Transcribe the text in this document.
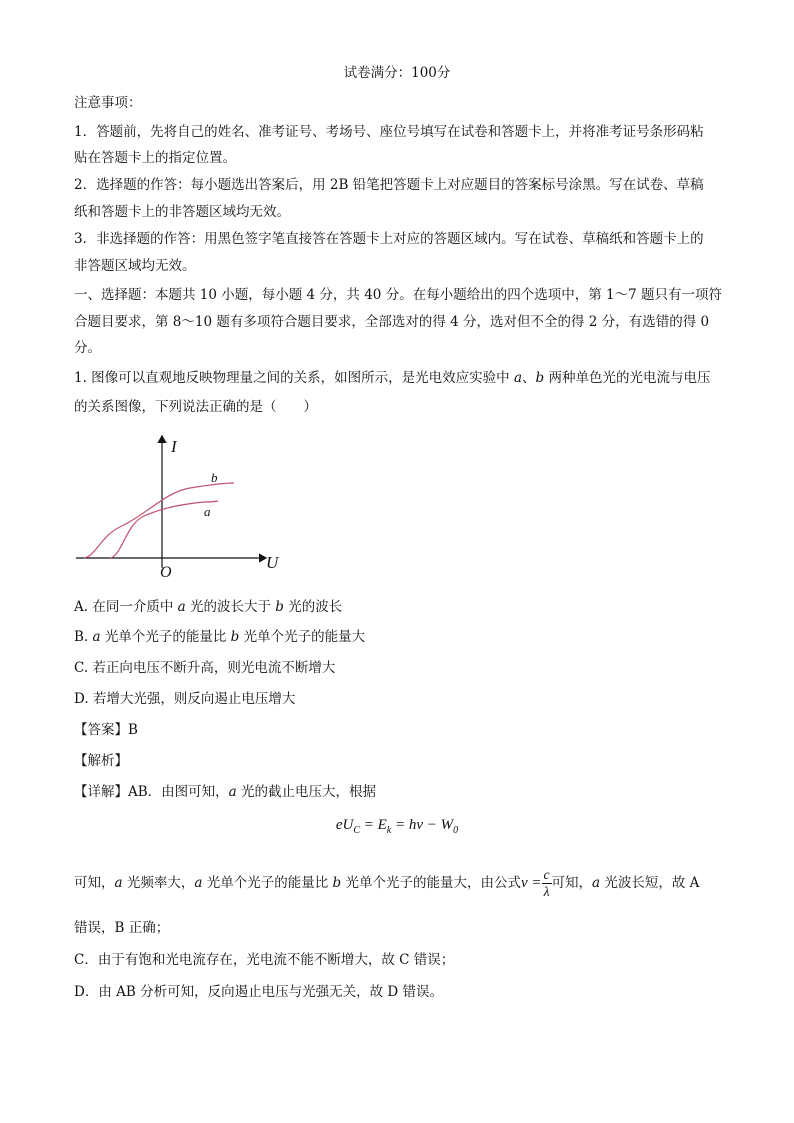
试卷满分：100分
注意事项：
1．答题前，先将自己的姓名、准考证号、考场号、座位号填写在试卷和答题卡上，并将准考证号条形码粘
贴在答题卡上的指定位置。
2．选择题的作答：每小题选出答案后，用 2B 铅笔把答题卡上对应题目的答案标号涂黑。写在试卷、草稿
纸和答题卡上的非答题区域均无效。
3．非选择题的作答：用黑色签字笔直接答在答题卡上对应的答题区域内。写在试卷、草稿纸和答题卡上的
非答题区域均无效。
一、选择题：本题共 10 小题，每小题 4 分，共 40 分。在每小题给出的四个选项中，第 1～7 题只有一项符
合题目要求，第 8～10 题有多项符合题目要求，全部选对的得 4 分，选对但不全的得 2 分，有选错的得 0
分。
1. 图像可以直观地反映物理量之间的关系，如图所示，是光电效应实验中 a、b 两种单色光的光电流与电压
的关系图像，下列说法正确的是（　　）
I
U
O
b
a
A. 在同一介质中 a 光的波长大于 b 光的波长
B. a 光单个光子的能量比 b 光单个光子的能量大
C. 若正向电压不断升高，则光电流不断增大
D. 若增大光强，则反向遏止电压增大
【答案】B
【解析】
【详解】AB．由图可知，a 光的截止电压大，根据
$eU_C = E_k = h\nu - W_0$
可知，a 光频率大，a 光单个光子的能量比 b 光单个光子的能量大，由公式$\nu = \frac{c}{\lambda}$ 可知，a 光波长短，故 A
错误，B 正确；
C．由于有饱和光电流存在，光电流不能不断增大，故 C 错误；
D．由 AB 分析可知，反向遏止电压与光强无关，故 D 错误。
